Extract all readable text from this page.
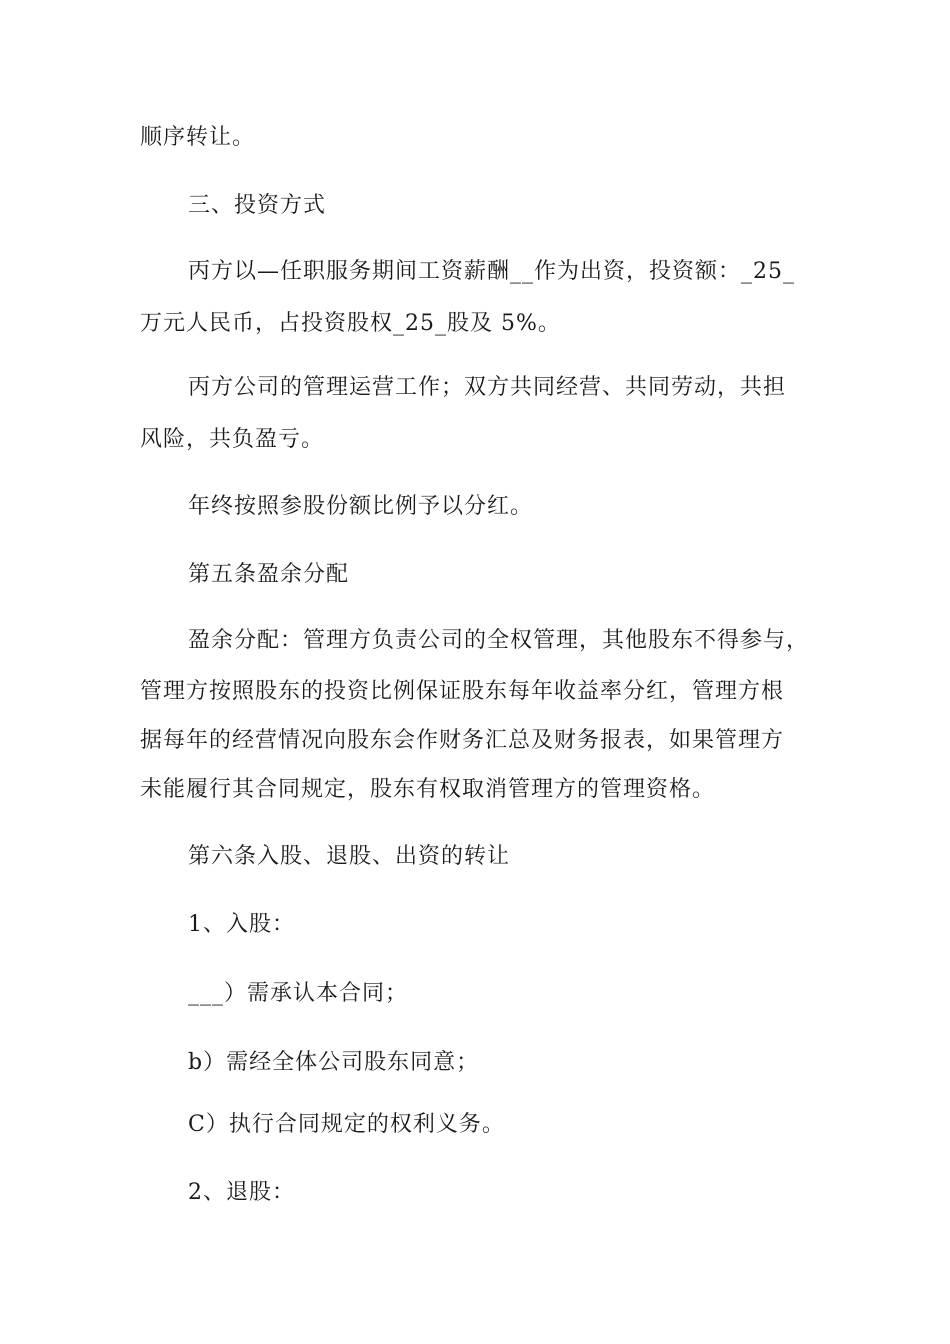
顺序转让。
三、投资方式
丙方以—任职服务期间工资薪酬__作为出资，投资额：_25_
万元人民币，占投资股权_25_股及 5%。
丙方公司的管理运营工作；双方共同经营、共同劳动，共担
风险，共负盈亏。
年终按照参股份额比例予以分红。
第五条盈余分配
盈余分配：管理方负责公司的全权管理，其他股东不得参与，
管理方按照股东的投资比例保证股东每年收益率分红，管理方根
据每年的经营情况向股东会作财务汇总及财务报表，如果管理方
未能履行其合同规定，股东有权取消管理方的管理资格。
第六条入股、退股、出资的转让
1、入股：
___）需承认本合同；
b）需经全体公司股东同意；
C）执行合同规定的权利义务。
2、退股：
